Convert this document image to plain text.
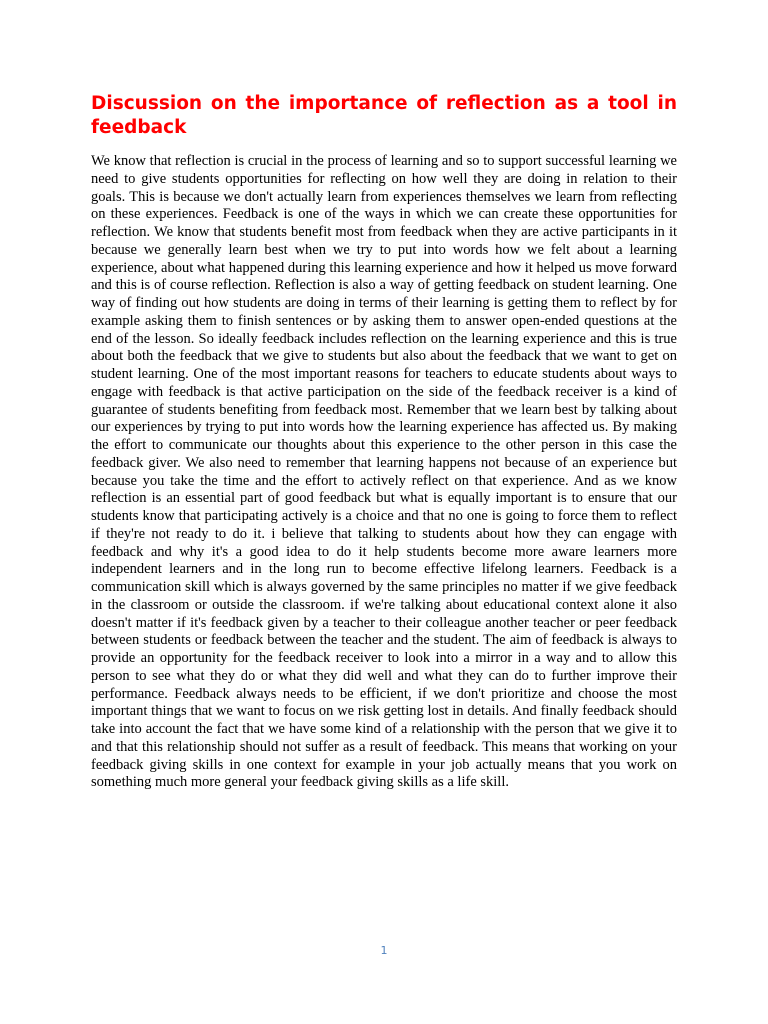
Discussion on the importance of reflection as a tool in feedback

We know that reflection is crucial in the process of learning and so to support successful learning we need to give students opportunities for reflecting on how well they are doing in relation to their goals. This is because we don't actually learn from experiences themselves we learn from reflecting on these experiences. Feedback is one of the ways in which we can create these opportunities for reflection. We know that students benefit most from feedback when they are active participants in it because we generally learn best when we try to put into words how we felt about a learning experience, about what happened during this learning experience and how it helped us move forward and this is of course reflection. Reflection is also a way of getting feedback on student learning. One way of finding out how students are doing in terms of their learning is getting them to reflect by for example asking them to finish sentences or by asking them to answer open-ended questions at the end of the lesson. So ideally feedback includes reflection on the learning experience and this is true about both the feedback that we give to students but also about the feedback that we want to get on student learning. One of the most important reasons for teachers to educate students about ways to engage with feedback is that active participation on the side of the feedback receiver is a kind of guarantee of students benefiting from feedback most. Remember that we learn best by talking about our experiences by trying to put into words how the learning experience has affected us. By making the effort to communicate our thoughts about this experience to the other person in this case the feedback giver. We also need to remember that learning happens not because of an experience but because you take the time and the effort to actively reflect on that experience. And as we know reflection is an essential part of good feedback but what is equally important is to ensure that our students know that participating actively is a choice and that no one is going to force them to reflect if they're not ready to do it. i believe that talking to students about how they can engage with feedback and why it's a good idea to do it help students become more aware learners more independent learners and in the long run to become effective lifelong learners. Feedback is a communication skill which is always governed by the same principles no matter if we give feedback in the classroom or outside the classroom. if we're talking about educational context alone it also doesn't matter if it's feedback given by a teacher to their colleague another teacher or peer feedback between students or feedback between the teacher and the student. The aim of feedback is always to provide an opportunity for the feedback receiver to look into a mirror in a way and to allow this person to see what they do or what they did well and what they can do to further improve their performance. Feedback always needs to be efficient, if we don't prioritize and choose the most important things that we want to focus on we risk getting lost in details. And finally feedback should take into account the fact that we have some kind of a relationship with the person that we give it to and that this relationship should not suffer as a result of feedback. This means that working on your feedback giving skills in one context for example in your job actually means that you work on something much more general your feedback giving skills as a life skill.

1
